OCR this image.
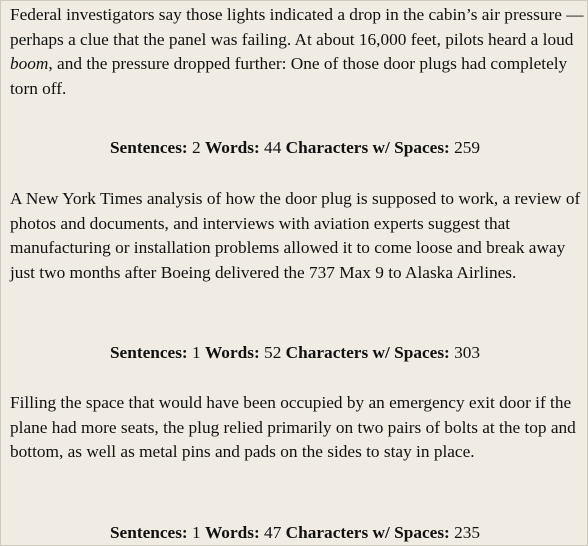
Federal investigators say those lights indicated a drop in the cabin’s air pressure — perhaps a clue that the panel was failing. At about 16,000 feet, pilots heard a loud boom, and the pressure dropped further: One of those door plugs had completely torn off.

Sentences: 2 Words: 44 Characters w/ Spaces: 259

A New York Times analysis of how the door plug is supposed to work, a review of photos and documents, and interviews with aviation experts suggest that manufacturing or installation problems allowed it to come loose and break away just two months after Boeing delivered the 737 Max 9 to Alaska Airlines.

Sentences: 1 Words: 52 Characters w/ Spaces: 303

Filling the space that would have been occupied by an emergency exit door if the plane had more seats, the plug relied primarily on two pairs of bolts at the top and bottom, as well as metal pins and pads on the sides to stay in place.

Sentences: 1 Words: 47 Characters w/ Spaces: 235
